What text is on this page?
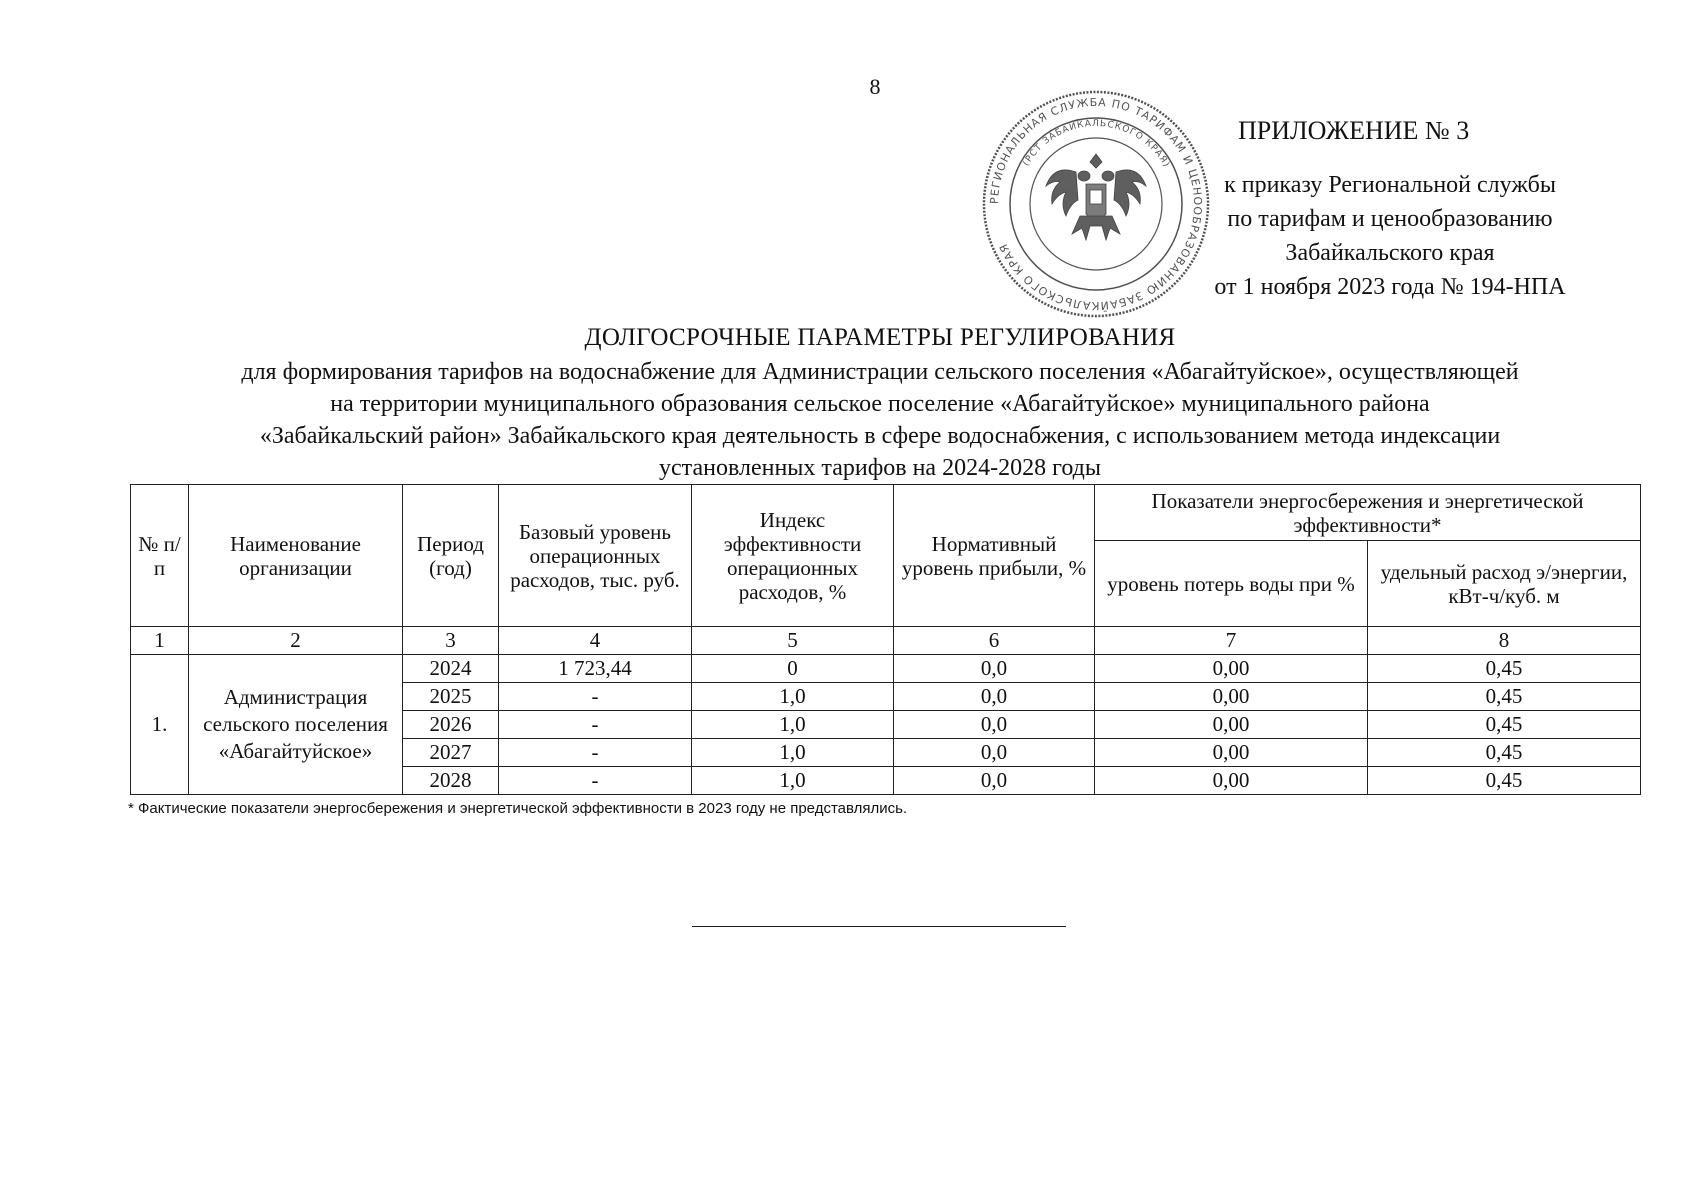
8
РЕГИОНАЛЬНАЯ СЛУЖБА ПО ТАРИФАМ И ЦЕНООБРАЗОВАНИЮ ЗАБАЙКАЛЬСКОГО КРАЯ
(РСТ ЗАБАЙКАЛЬСКОГО КРАЯ)
ПРИЛОЖЕНИЕ № 3
к приказу Региональной службы
по тарифам и ценообразованию
Забайкальского края
от 1 ноября 2023 года № 194-НПА
ДОЛГОСРОЧНЫЕ ПАРАМЕТРЫ РЕГУЛИРОВАНИЯ
для формирования тарифов на водоснабжение для Администрации сельского поселения «Абагайтуйское», осуществляющей
на территории муниципального образования сельское поселение «Абагайтуйское» муниципального района
«Забайкальский район» Забайкальского края деятельность в сфере водоснабжения, с использованием метода индексации
установленных тарифов на 2024-2028 годы
№ п/п	Наименование организации	Период (год)	Базовый уровень операционных расходов, тыс. руб.	Индекс эффективности операционных расходов, %	Нормативный уровень прибыли, %	Показатели энергосбережения и энергетической эффективности*	
						уровень потерь воды при %	удельный расход э/энергии, кВт-ч/куб. м
1	2	3	4	5	6	7	8
1.	Администрация сельского поселения «Абагайтуйское»	2024	1 723,44	0	0,0	0,00	0,45
		2025	-	1,0	0,0	0,00	0,45
		2026	-	1,0	0,0	0,00	0,45
		2027	-	1,0	0,0	0,00	0,45
		2028	-	1,0	0,0	0,00	0,45
* Фактические показатели энергосбережения и энергетической эффективности в 2023 году не представлялись.
